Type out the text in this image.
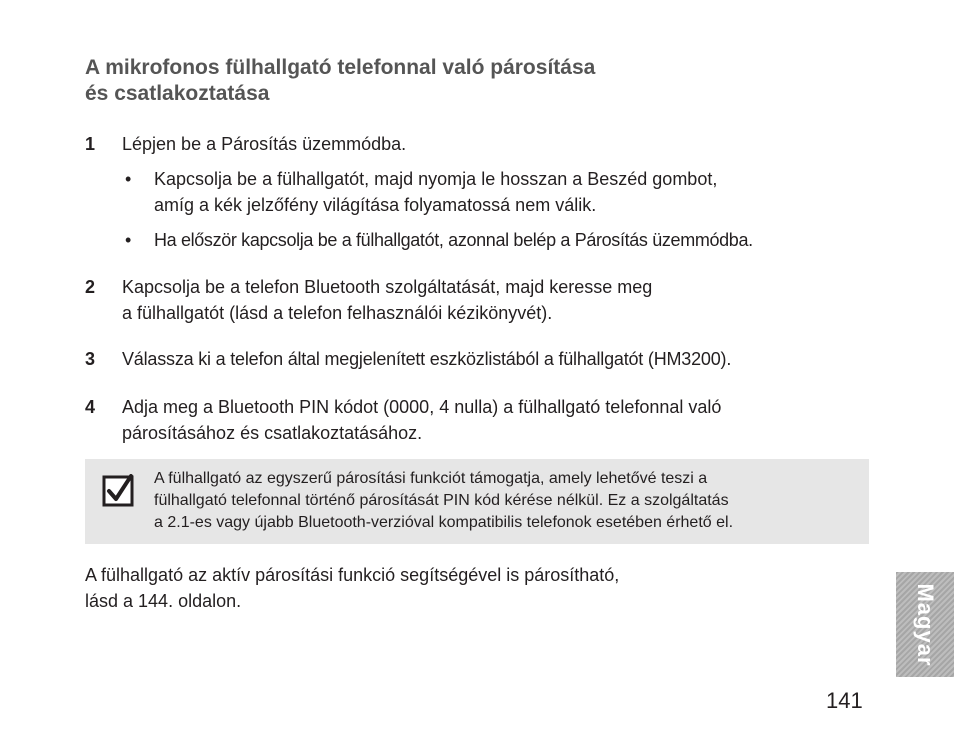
A mikrofonos fülhallgató telefonnal való párosítása
és csatlakoztatása
1	Lépjen be a Párosítás üzemmódba.
• Kapcsolja be a fülhallgatót, majd nyomja le hosszan a Beszéd gombot,
amíg a kék jelzőfény világítása folyamatossá nem válik.
• Ha először kapcsolja be a fülhallgatót, azonnal belép a Párosítás üzemmódba.
2	Kapcsolja be a telefon Bluetooth szolgáltatását, majd keresse meg
a fülhallgatót (lásd a telefon felhasználói kézikönyvét).
3	Válassza ki a telefon által megjelenített eszközlistából a fülhallgatót (HM3200).
4	Adja meg a Bluetooth PIN kódot (0000, 4 nulla) a fülhallgató telefonnal való
párosításához és csatlakoztatásához.
A fülhallgató az egyszerű párosítási funkciót támogatja, amely lehetővé teszi a
fülhallgató telefonnal történő párosítását PIN kód kérése nélkül. Ez a szolgáltatás
a 2.1-es vagy újabb Bluetooth-verzióval kompatibilis telefonok esetében érhető el.
A fülhallgató az aktív párosítási funkció segítségével is párosítható,
lásd a 144. oldalon.	Magyar
141
